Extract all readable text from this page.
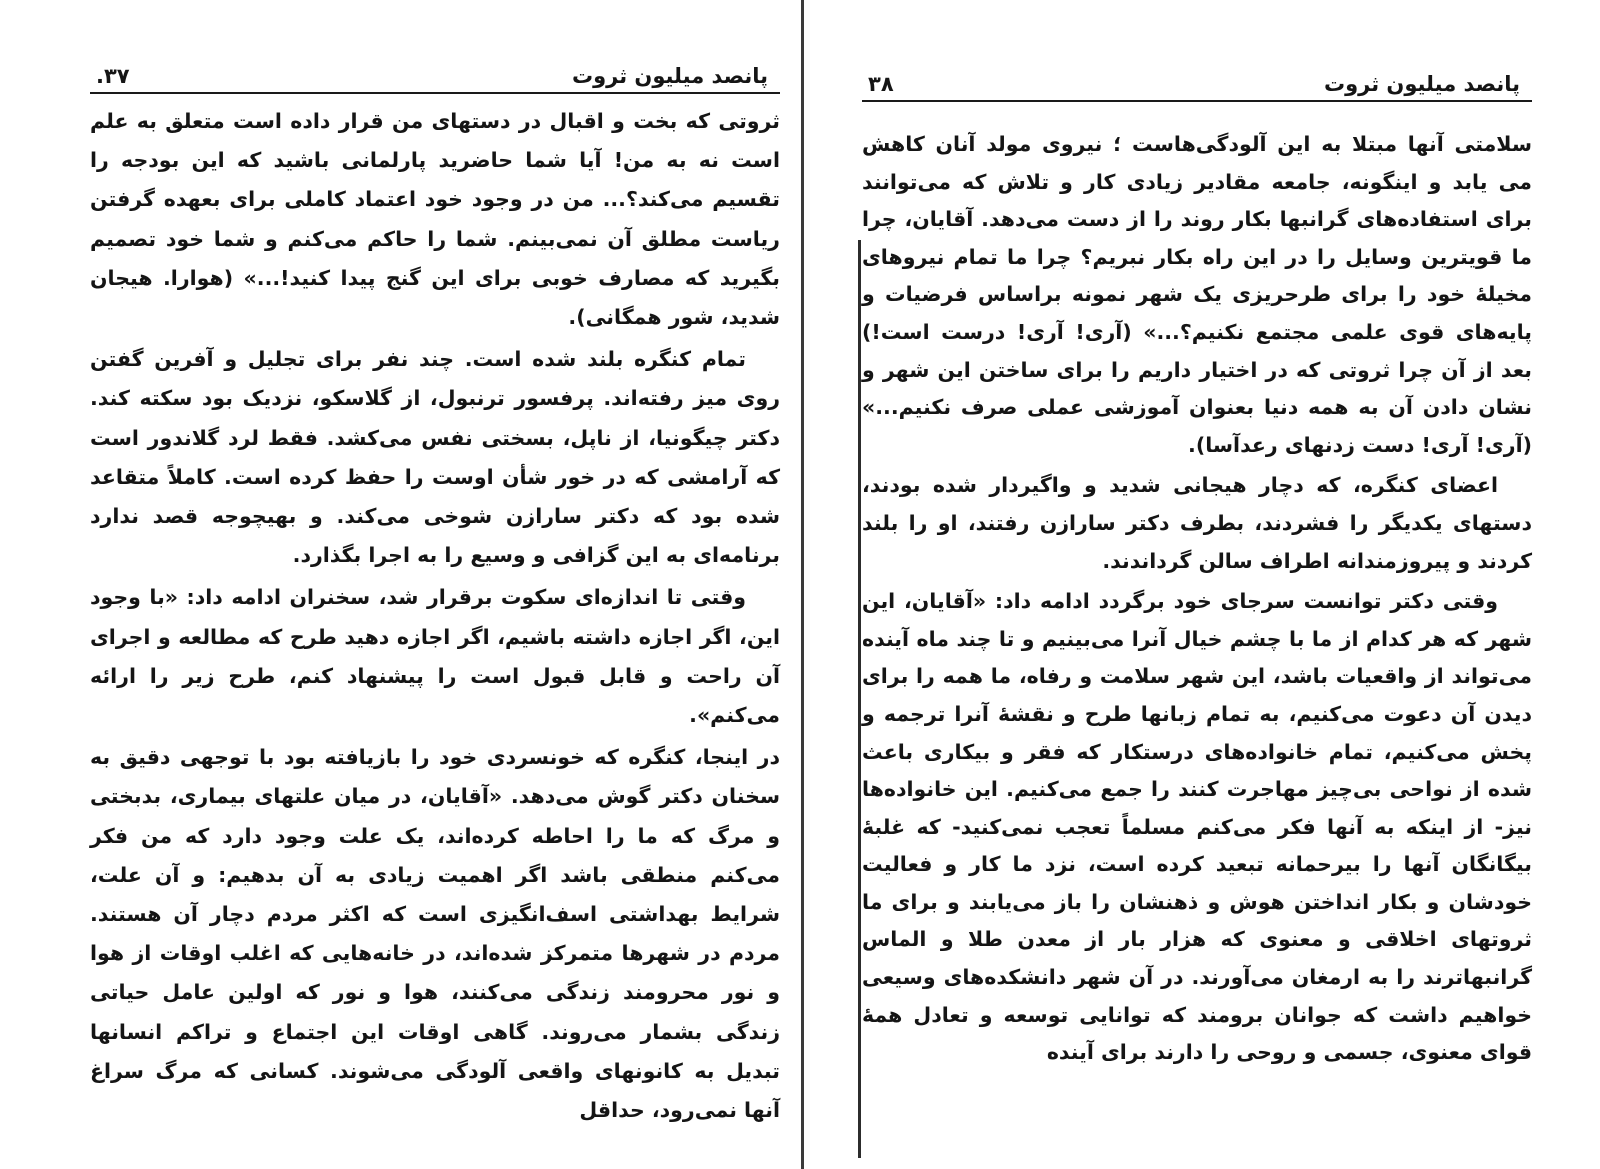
پانصد میلیون ثروت
۳۷.

ثروتی که بخت و اقبال در دستهای من قرار داده است متعلق به علم است نه به من! آیا شما حاضرید پارلمانی باشید که این بودجه را تقسیم می‌کند؟... من در وجود خود اعتماد کاملی برای بعهده گرفتن ریاست مطلق آن نمی‌بینم. شما را حاکم می‌کنم و شما خود تصمیم بگیرید که مصارف خوبی برای این گنج پیدا کنید!...» (هوارا. هیجان شدید، شور همگانی).

تمام کنگره بلند شده است. چند نفر برای تجلیل و آفرین گفتن روی میز رفته‌اند. پرفسور ترنبول، از گلاسکو، نزدیک بود سکته کند. دکتر چیگونیا، از ناپل، بسختی نفس می‌کشد. فقط لرد گلاندور است که آرامشی که در خور شأن اوست را حفظ کرده است. کاملاً متقاعد شده بود که دکتر سارازن شوخی می‌کند. و بهیچوجه قصد ندارد برنامه‌ای به این گزافی و وسیع را به اجرا بگذارد.

وقتی تا اندازه‌ای سکوت برقرار شد، سخنران ادامه داد: «با وجود این، اگر اجازه داشته باشیم، اگر اجازه دهید طرح که مطالعه و اجرای آن راحت و قابل قبول است را پیشنهاد کنم، طرح زیر را ارائه می‌کنم».

در اینجا، کنگره که خونسردی خود را بازیافته بود با توجهی دقیق به سخنان دکتر گوش می‌دهد. «آقایان، در میان علتهای بیماری، بدبختی و مرگ که ما را احاطه کرده‌اند، یک علت وجود دارد که من فکر می‌کنم منطقی باشد اگر اهمیت زیادی به آن بدهیم: و آن علت، شرایط بهداشتی اسف‌انگیزی است که اکثر مردم دچار آن هستند. مردم در شهرها متمرکز شده‌اند، در خانه‌هایی که اغلب اوقات از هوا و نور محرومند زندگی می‌کنند، هوا و نور که اولین عامل حیاتی زندگی بشمار می‌روند. گاهی اوقات این اجتماع و تراکم انسانها تبدیل به کانونهای واقعی آلودگی می‌شوند. کسانی که مرگ سراغ آنها نمی‌رود، حداقل

پانصد میلیون ثروت
۳۸

سلامتی آنها مبتلا به این آلودگی‌هاست ؛ نیروی مولد آنان کاهش می یابد و اینگونه، جامعه مقادیر زیادی کار و تلاش که می‌توانند برای استفاده‌های گرانبها بکار روند را از دست می‌دهد. آقایان، چرا ما قویترین وسایل را در این راه بکار نبریم؟ چرا ما تمام نیروهای مخیلهٔ خود را برای طرحریزی یک شهر نمونه براساس فرضیات و پایه‌های قوی علمی مجتمع نکنیم؟...» (آری! آری! درست است!) بعد از آن چرا ثروتی که در اختیار داریم را برای ساختن این شهر و نشان دادن آن به همه دنیا بعنوان آموزشی عملی صرف نکنیم...» (آری! آری! دست زدنهای رعدآسا).

اعضای کنگره، که دچار هیجانی شدید و واگیردار شده بودند، دستهای یکدیگر را فشردند، بطرف دکتر سارازن رفتند، او را بلند کردند و پیروزمندانه اطراف سالن گرداندند.

وقتی دکتر توانست سرجای خود برگردد ادامه داد: «آقایان، این شهر که هر کدام از ما با چشم خیال آنرا می‌بینیم و تا چند ماه آینده می‌تواند از واقعیات باشد، این شهر سلامت و رفاه، ما همه را برای دیدن آن دعوت می‌کنیم، به تمام زبانها طرح و نقشهٔ آنرا ترجمه و پخش می‌کنیم، تمام خانواده‌های درستکار که فقر و بیکاری باعث شده از نواحی بی‌چیز مهاجرت کنند را جمع می‌کنیم. این خانواده‌ها نیز- از اینکه به آنها فکر می‌کنم مسلماً تعجب نمی‌کنید- که غلبهٔ بیگانگان آنها را بیرحمانه تبعید کرده است، نزد ما کار و فعالیت خودشان و بکار انداختن هوش و ذهنشان را باز می‌یابند و برای ما ثروتهای اخلاقی و معنوی که هزار بار از معدن طلا و الماس گرانبهاترند را به ارمغان می‌آورند. در آن شهر دانشکده‌های وسیعی خواهیم داشت که جوانان برومند که توانایی توسعه و تعادل همهٔ قوای معنوی، جسمی و روحی را دارند برای آینده
